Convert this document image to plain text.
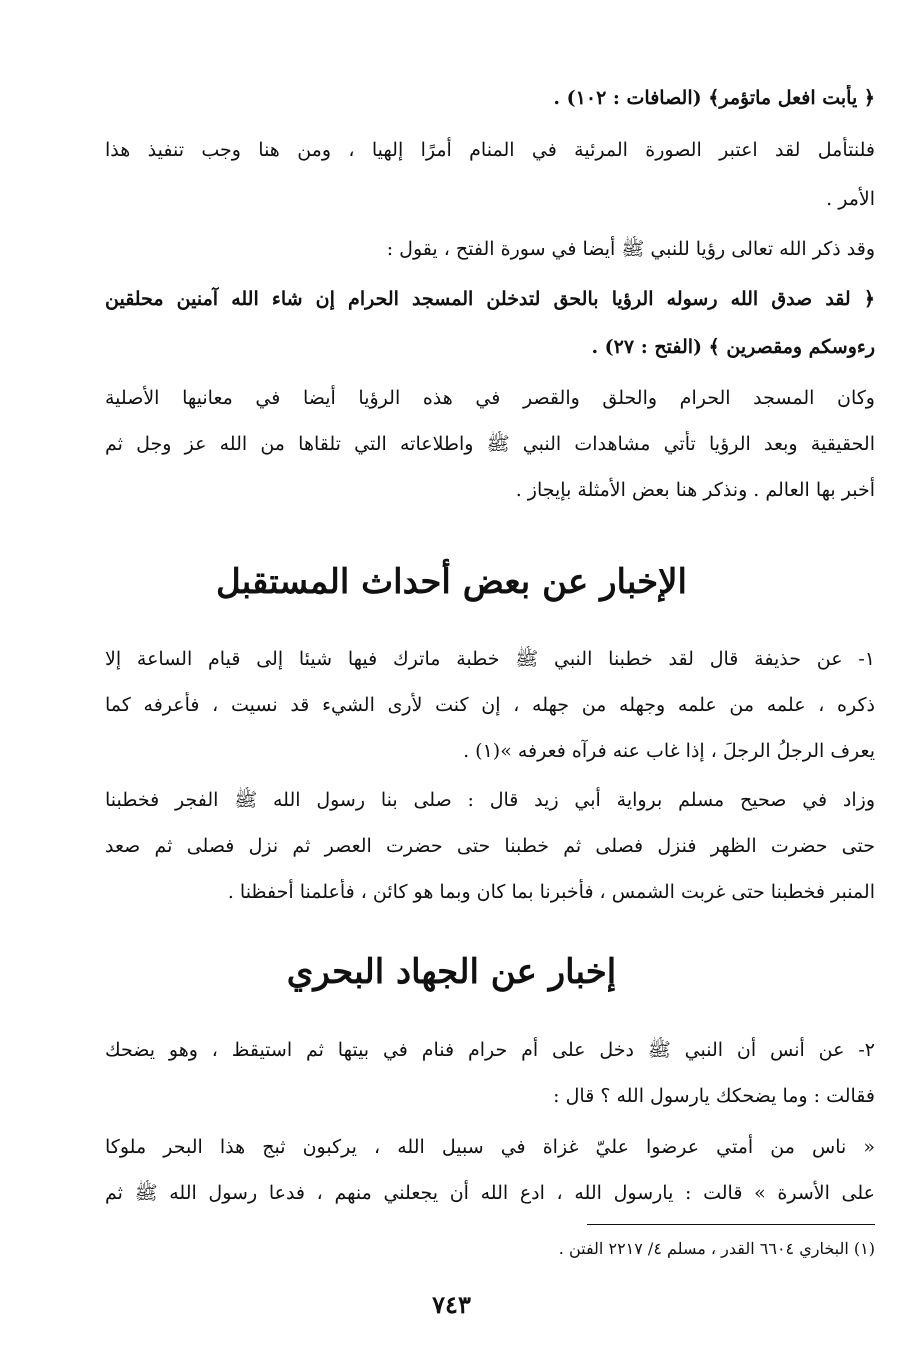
﴿ يأبت افعل ماتؤمر﴾ (الصافات : ١٠٢) .
فلنتأمل لقد اعتبر الصورة المرئية في المنام أمرًا إلهيا ، ومن هنا وجب تنفيذ هذا
الأمر .
وقد ذكر الله تعالى رؤيا للنبي ﷺ أيضا في سورة الفتح ، يقول :
﴿ لقد صدق الله رسوله الرؤيا بالحق لتدخلن المسجد الحرام إن شاء الله آمنين محلقين
رءوسكم ومقصرين ﴾ (الفتح : ٢٧) .
وكان المسجد الحرام والحلق والقصر في هذه الرؤيا أيضا في معانيها الأصلية
الحقيقية وبعد الرؤيا تأتي مشاهدات النبي ﷺ واطلاعاته التي تلقاها من الله عز وجل ثم
أخبر بها العالم . ونذكر هنا بعض الأمثلة بإيجاز .
الإخبار عن بعض أحداث المستقبل
١- عن حذيفة قال لقد خطبنا النبي ﷺ خطبة ماترك فيها شيئا إلى قيام الساعة إلا
ذكره ، علمه من علمه وجهله من جهله ، إن كنت لأرى الشيء قد نسيت ، فأعرفه كما
يعرف الرجلُ الرجلَ ، إذا غاب عنه فرآه فعرفه »(١) .
وزاد في صحيح مسلم برواية أبي زيد قال : صلى بنا رسول الله ﷺ الفجر فخطبنا
حتى حضرت الظهر فنزل فصلى ثم خطبنا حتى حضرت العصر ثم نزل فصلى ثم صعد
المنبر فخطبنا حتى غربت الشمس ، فأخبرنا بما كان وبما هو كائن ، فأعلمنا أحفظنا .
إخبار عن الجهاد البحري
٢- عن أنس أن النبي ﷺ دخل على أم حرام فنام في بيتها ثم استيقظ ، وهو يضحك
فقالت : وما يضحكك يارسول الله ؟ قال :
« ناس من أمتي عرضوا عليّ غزاة في سبيل الله ، يركبون ثبج هذا البحر ملوكا
على الأسرة » قالت : يارسول الله ، ادع الله أن يجعلني منهم ، فدعا رسول الله ﷺ ثم
(١) البخاري ٦٦٠٤ القدر ، مسلم ٤/ ٢٢١٧ الفتن .
٧٤٣
